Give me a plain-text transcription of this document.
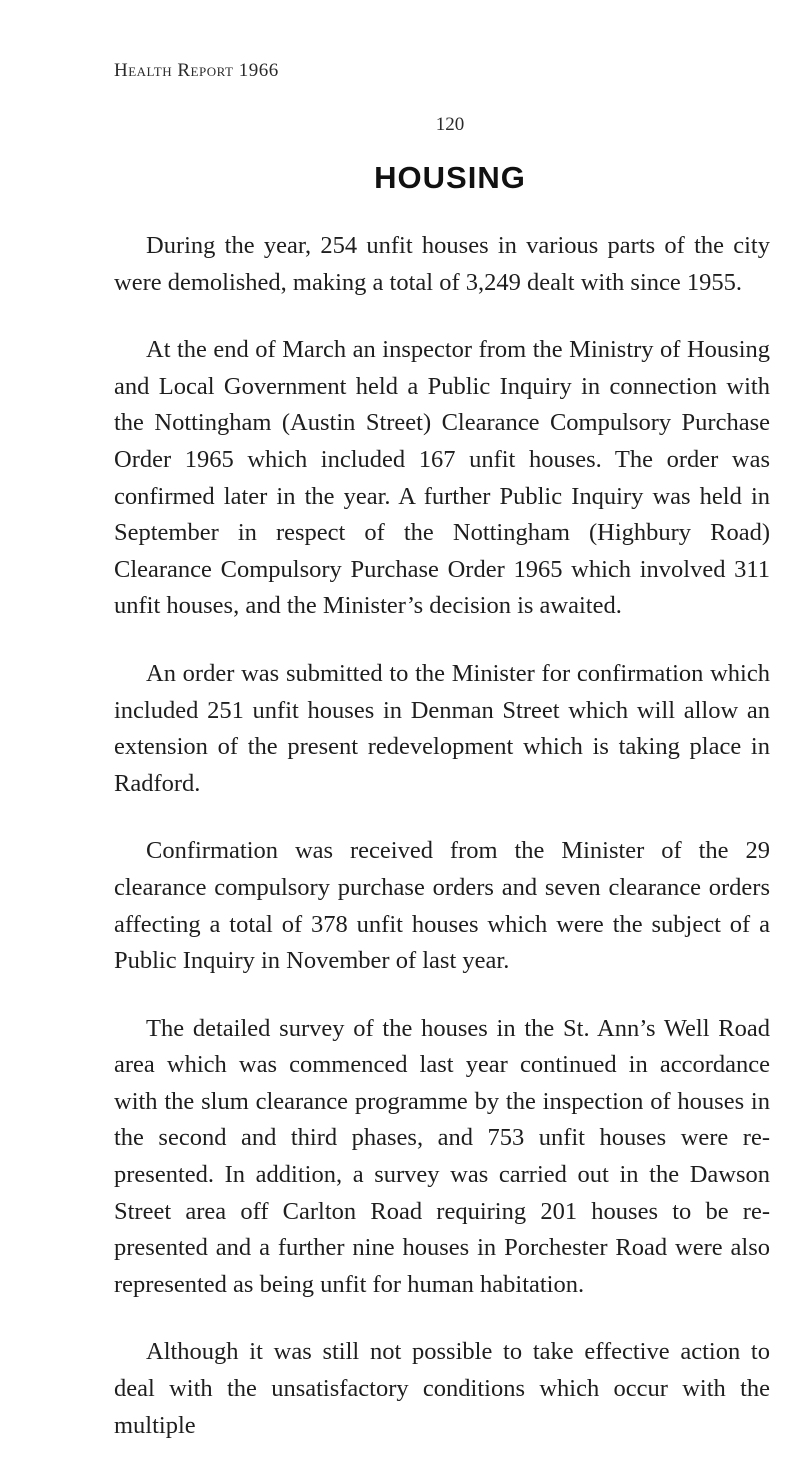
Health Report 1966
120
HOUSING

During the year, 254 unfit houses in various parts of the city were demolished, making a total of 3,249 dealt with since 1955.

At the end of March an inspector from the Ministry of Housing and Local Government held a Public Inquiry in connection with the Nottingham (Austin Street) Clearance Compulsory Purchase Order 1965 which included 167 unfit houses. The order was confirmed later in the year. A further Public Inquiry was held in September in respect of the Nottingham (Highbury Road) Clearance Compulsory Purchase Order 1965 which involved 311 unfit houses, and the Minister’s decision is awaited.

An order was submitted to the Minister for confirmation which included 251 unfit houses in Denman Street which will allow an extension of the present redevelopment which is taking place in Radford.

Confirmation was received from the Minister of the 29 clearance compulsory purchase orders and seven clearance orders affecting a total of 378 unfit houses which were the subject of a Public Inquiry in November of last year.

The detailed survey of the houses in the St. Ann’s Well Road area which was commenced last year continued in accordance with the slum clearance programme by the inspection of houses in the second and third phases, and 753 unfit houses were re-presented. In addition, a survey was carried out in the Dawson Street area off Carlton Road requiring 201 houses to be re-presented and a further nine houses in Porchester Road were also represented as being unfit for human habitation.

Although it was still not possible to take effective action to deal with the unsatisfactory conditions which occur with the multiple
